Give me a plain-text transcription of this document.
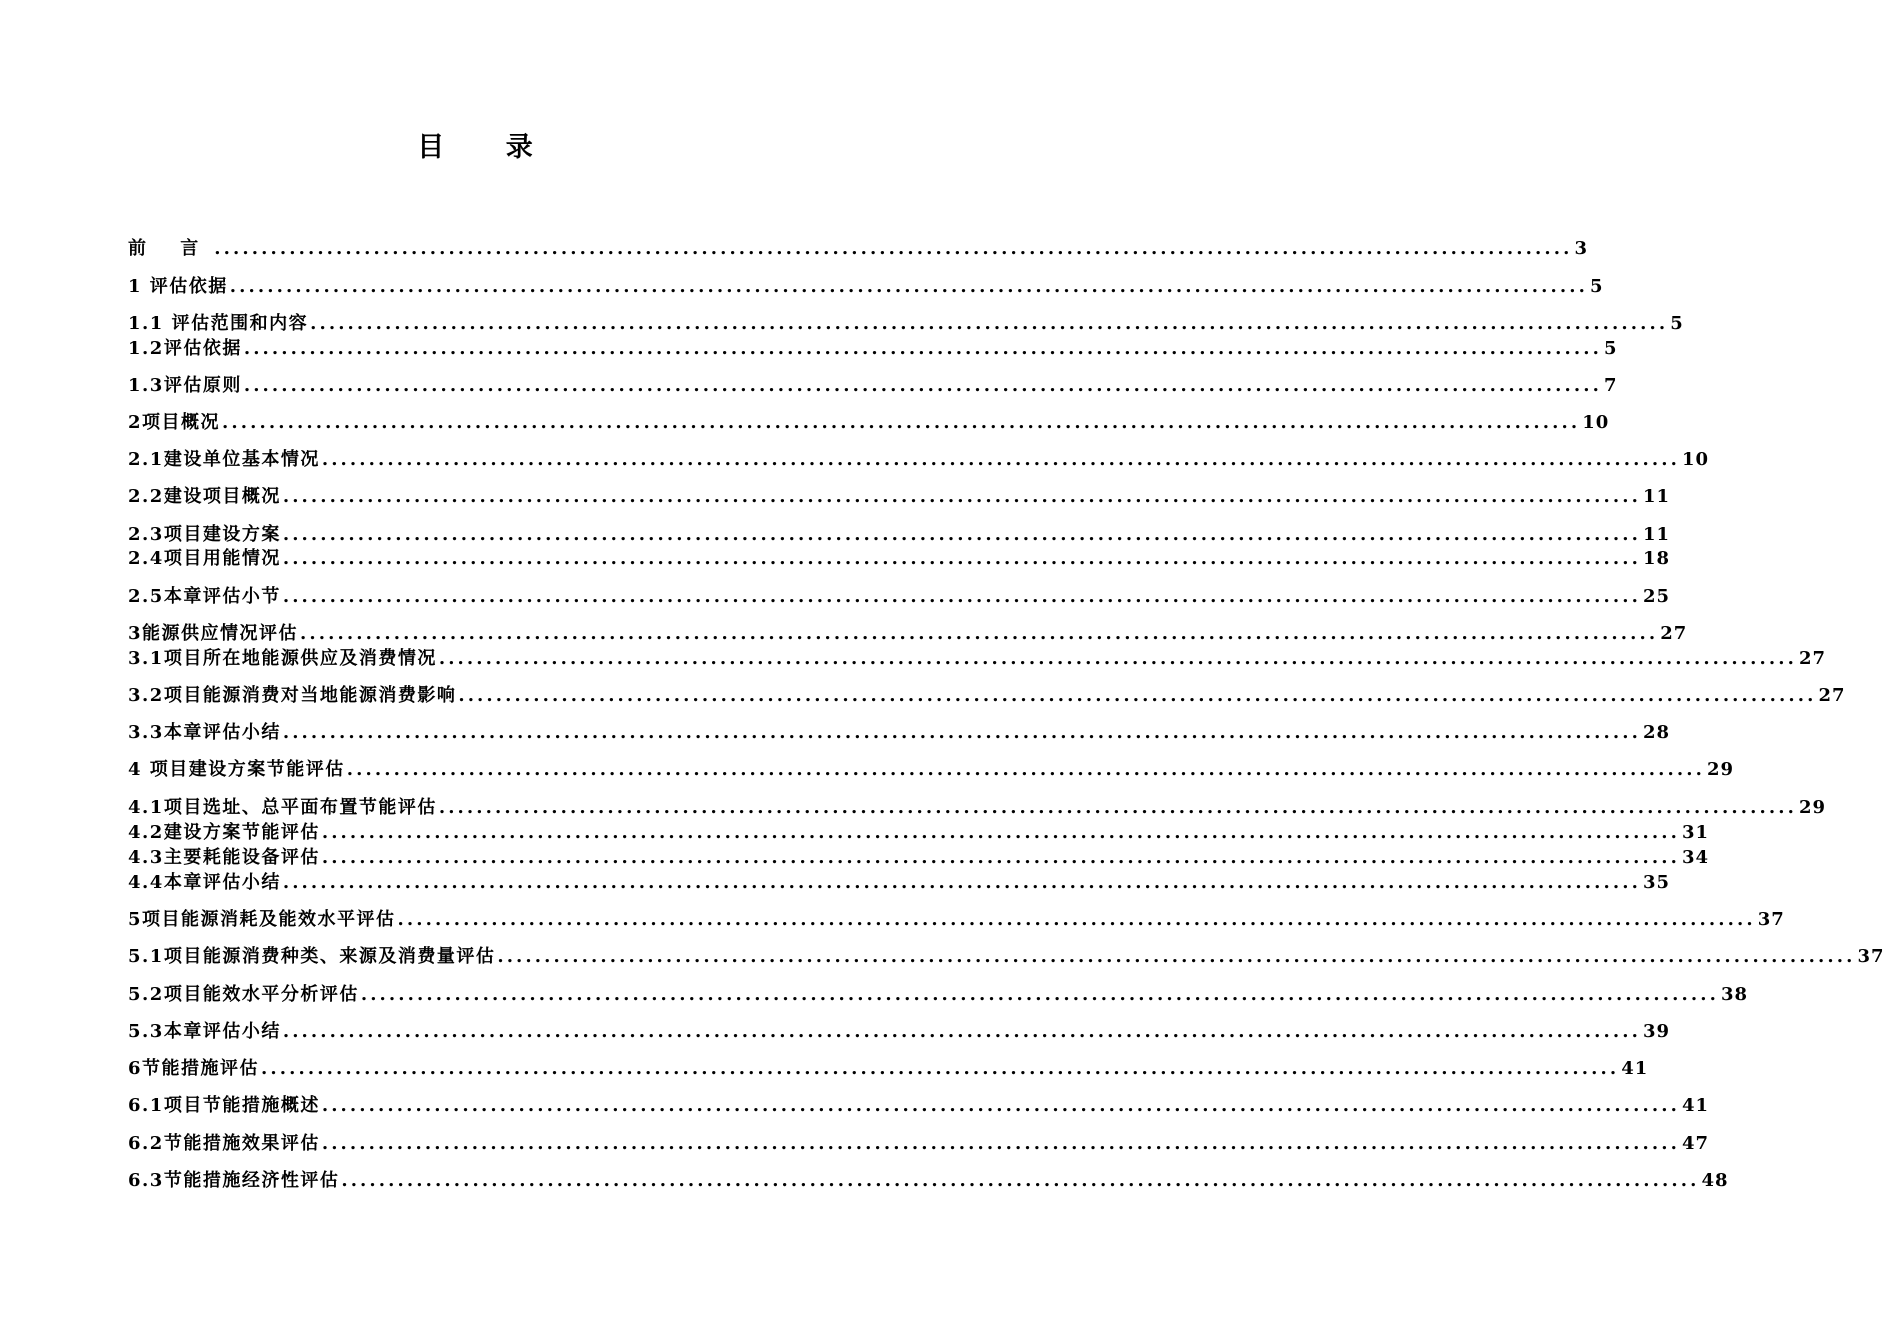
目 录
前 言 ................................................................................................................................................. 3
1 评估依据 ................................................................................................................................................. 5
1.1 评估范围和内容 ................................................................................................................................................. 5
1.2评估依据 ................................................................................................................................................. 5
1.3评估原则 ................................................................................................................................................. 7
2项目概况 ................................................................................................................................................. 10
2.1建设单位基本情况 ................................................................................................................................................. 10
2.2建设项目概况 ................................................................................................................................................. 11
2.3项目建设方案 ................................................................................................................................................. 11
2.4项目用能情况 ................................................................................................................................................. 18
2.5本章评估小节 ................................................................................................................................................. 25
3能源供应情况评估 ................................................................................................................................................. 27
3.1项目所在地能源供应及消费情况 ................................................................................................................................................. 27
3.2项目能源消费对当地能源消费影响 ................................................................................................................................................. 27
3.3本章评估小结 ................................................................................................................................................. 28
4 项目建设方案节能评估 ................................................................................................................................................. 29
4.1项目选址、总平面布置节能评估 ................................................................................................................................................. 29
4.2建设方案节能评估 ................................................................................................................................................. 31
4.3主要耗能设备评估 ................................................................................................................................................. 34
4.4本章评估小结 ................................................................................................................................................. 35
5项目能源消耗及能效水平评估 ................................................................................................................................................. 37
5.1项目能源消费种类、来源及消费量评估 ................................................................................................................................................. 37
5.2项目能效水平分析评估 ................................................................................................................................................. 38
5.3本章评估小结 ................................................................................................................................................. 39
6节能措施评估 ................................................................................................................................................. 41
6.1项目节能措施概述 ................................................................................................................................................. 41
6.2节能措施效果评估 ................................................................................................................................................. 47
6.3节能措施经济性评估 ................................................................................................................................................. 48
